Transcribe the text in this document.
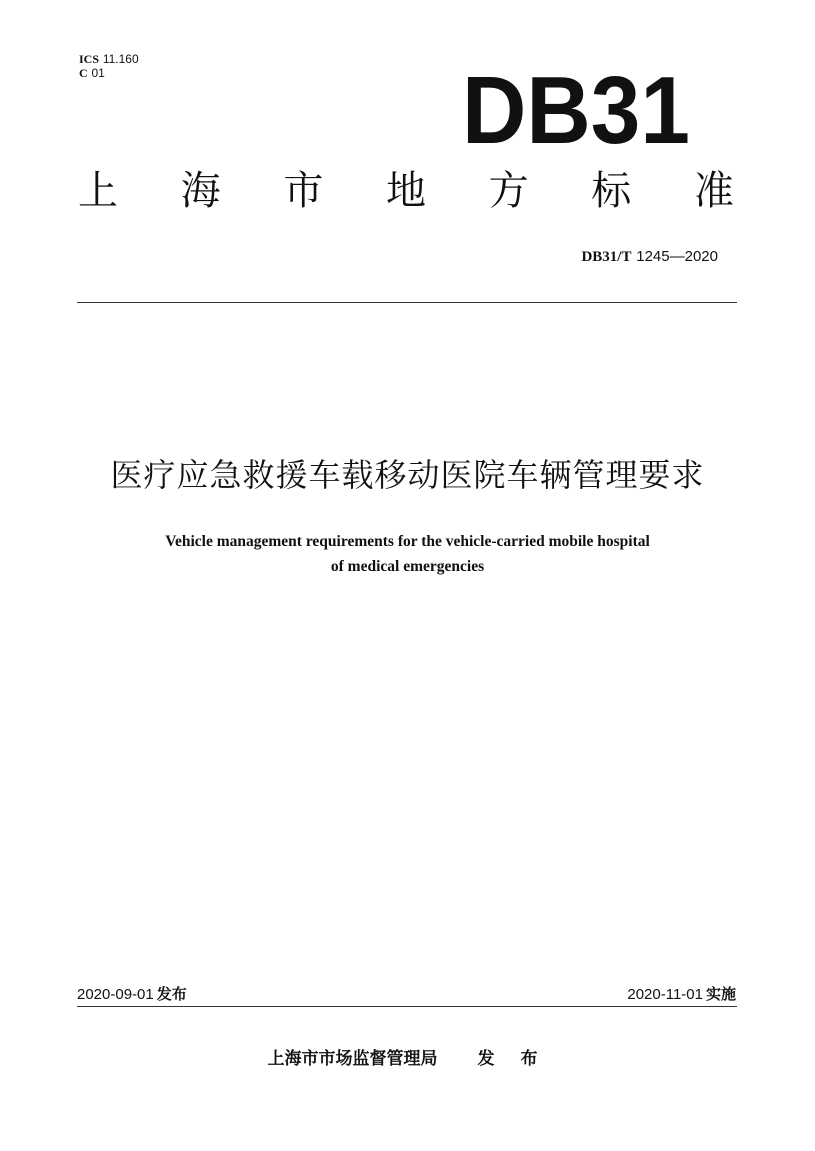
ICS 11.160
C 01	DB31
上 海 市 地 方 标 准
DB31/T 1245—2020
医疗应急救援车载移动医院车辆管理要求
Vehicle management requirements for the vehicle-carried mobile hospital
of medical emergencies
2020-09-01 发布	2020-11-01 实施
上海市市场监督管理局 发 布
